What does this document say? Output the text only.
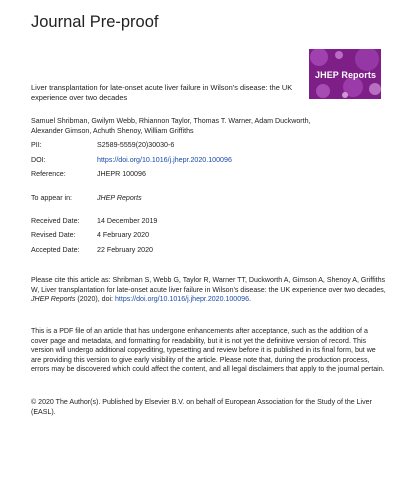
Journal Pre-proof
JHEP Reports
Liver transplantation for late-onset acute liver failure in Wilson’s disease: the UK experience over two decades
Samuel Shribman, Gwilym Webb, Rhiannon Taylor, Thomas T. Warner, Adam Duckworth, Alexander Gimson, Achuth Shenoy, William Griffiths
PII:	S2589-5559(20)30030-6
DOI:	https://doi.org/10.1016/j.jhepr.2020.100096
Reference:	JHEPR 100096
To appear in:	JHEP Reports
Received Date: 14 December 2019
Revised Date:	4 February 2020
Accepted Date: 22 February 2020
Please cite this article as: Shribman S, Webb G, Taylor R, Warner TT, Duckworth A, Gimson A, Shenoy A, Griffiths W, Liver transplantation for late-onset acute liver failure in Wilson’s disease: the UK experience over two decades, JHEP Reports (2020), doi: https://doi.org/10.1016/j.jhepr.2020.100096.
This is a PDF file of an article that has undergone enhancements after acceptance, such as the addition of a cover page and metadata, and formatting for readability, but it is not yet the definitive version of record. This version will undergo additional copyediting, typesetting and review before it is published in its final form, but we are providing this version to give early visibility of the article. Please note that, during the production process, errors may be discovered which could affect the content, and all legal disclaimers that apply to the journal pertain.
© 2020 The Author(s). Published by Elsevier B.V. on behalf of European Association for the Study of the Liver (EASL).
